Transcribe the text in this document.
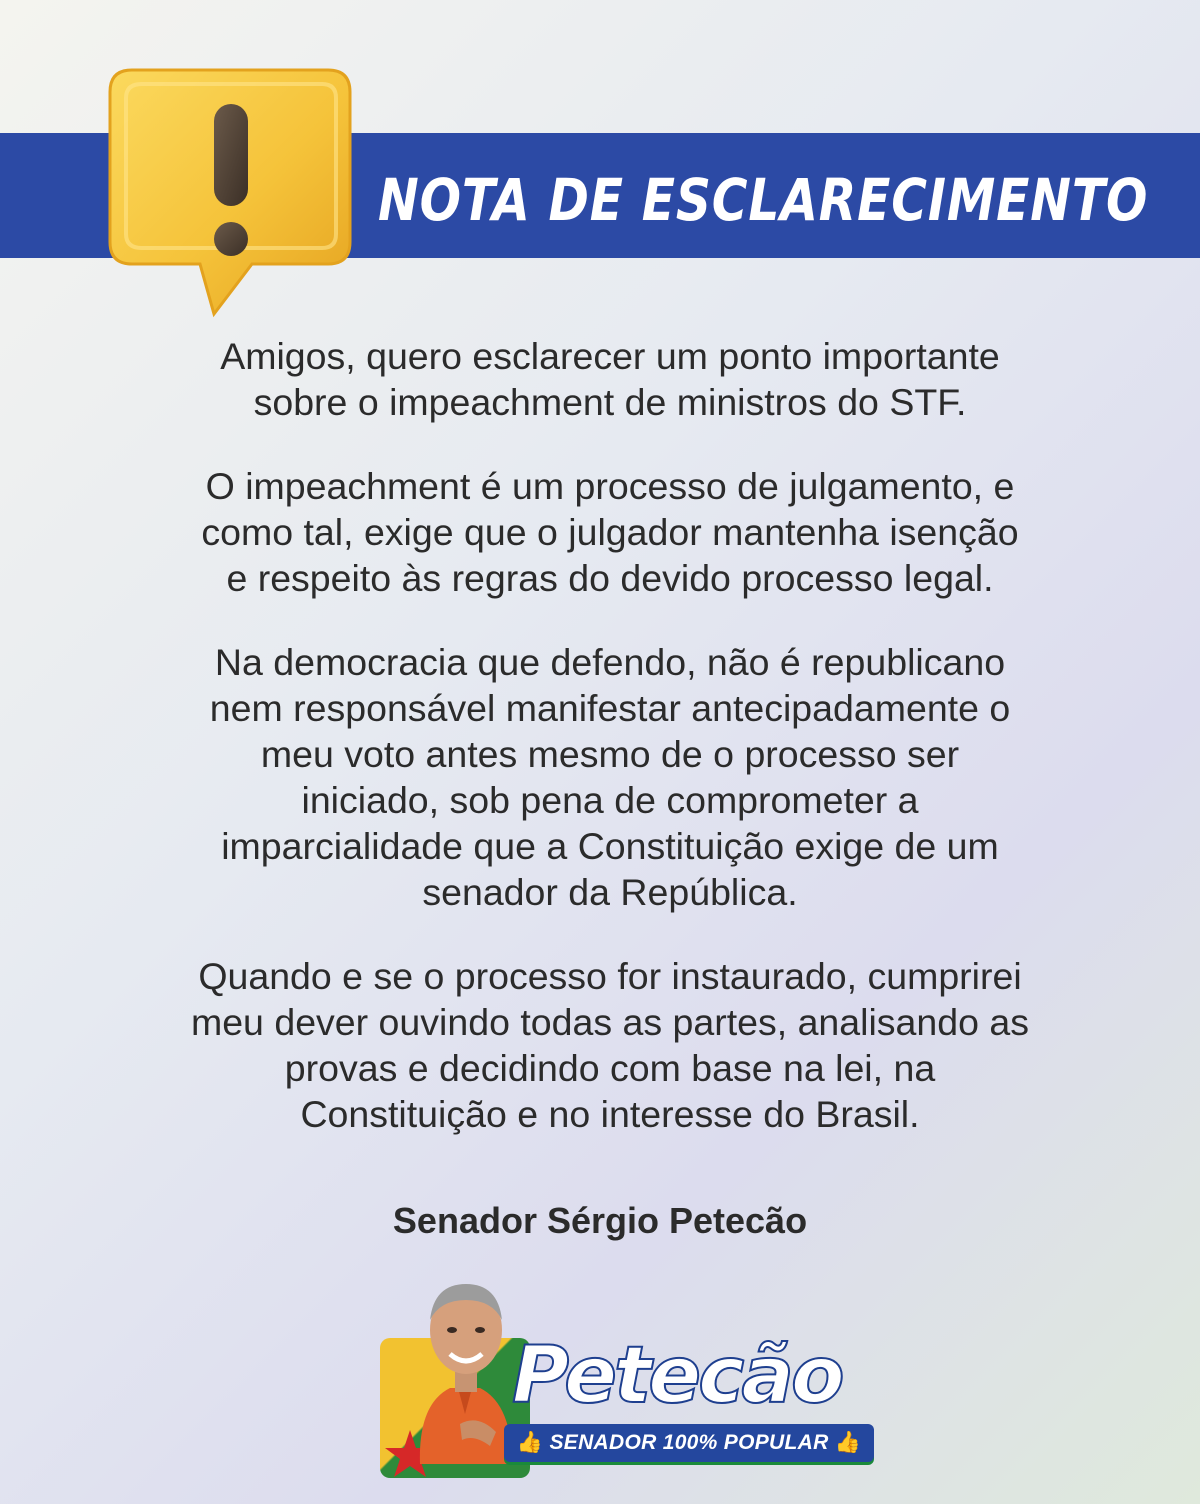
NOTA DE ESCLARECIMENTO

Amigos, quero esclarecer um ponto importante
sobre o impeachment de ministros do STF.

O impeachment é um processo de julgamento, e
como tal, exige que o julgador mantenha isenção
e respeito às regras do devido processo legal.

Na democracia que defendo, não é republicano
nem responsável manifestar antecipadamente o
meu voto antes mesmo de o processo ser
iniciado, sob pena de comprometer a
imparcialidade que a Constituição exige de um
senador da República.

Quando e se o processo for instaurado, cumprirei
meu dever ouvindo todas as partes, analisando as
provas e decidindo com base na lei, na
Constituição e no interesse do Brasil.

Senador Sérgio Petecão
Petecão
👍 SENADOR 100% POPULAR 👍
